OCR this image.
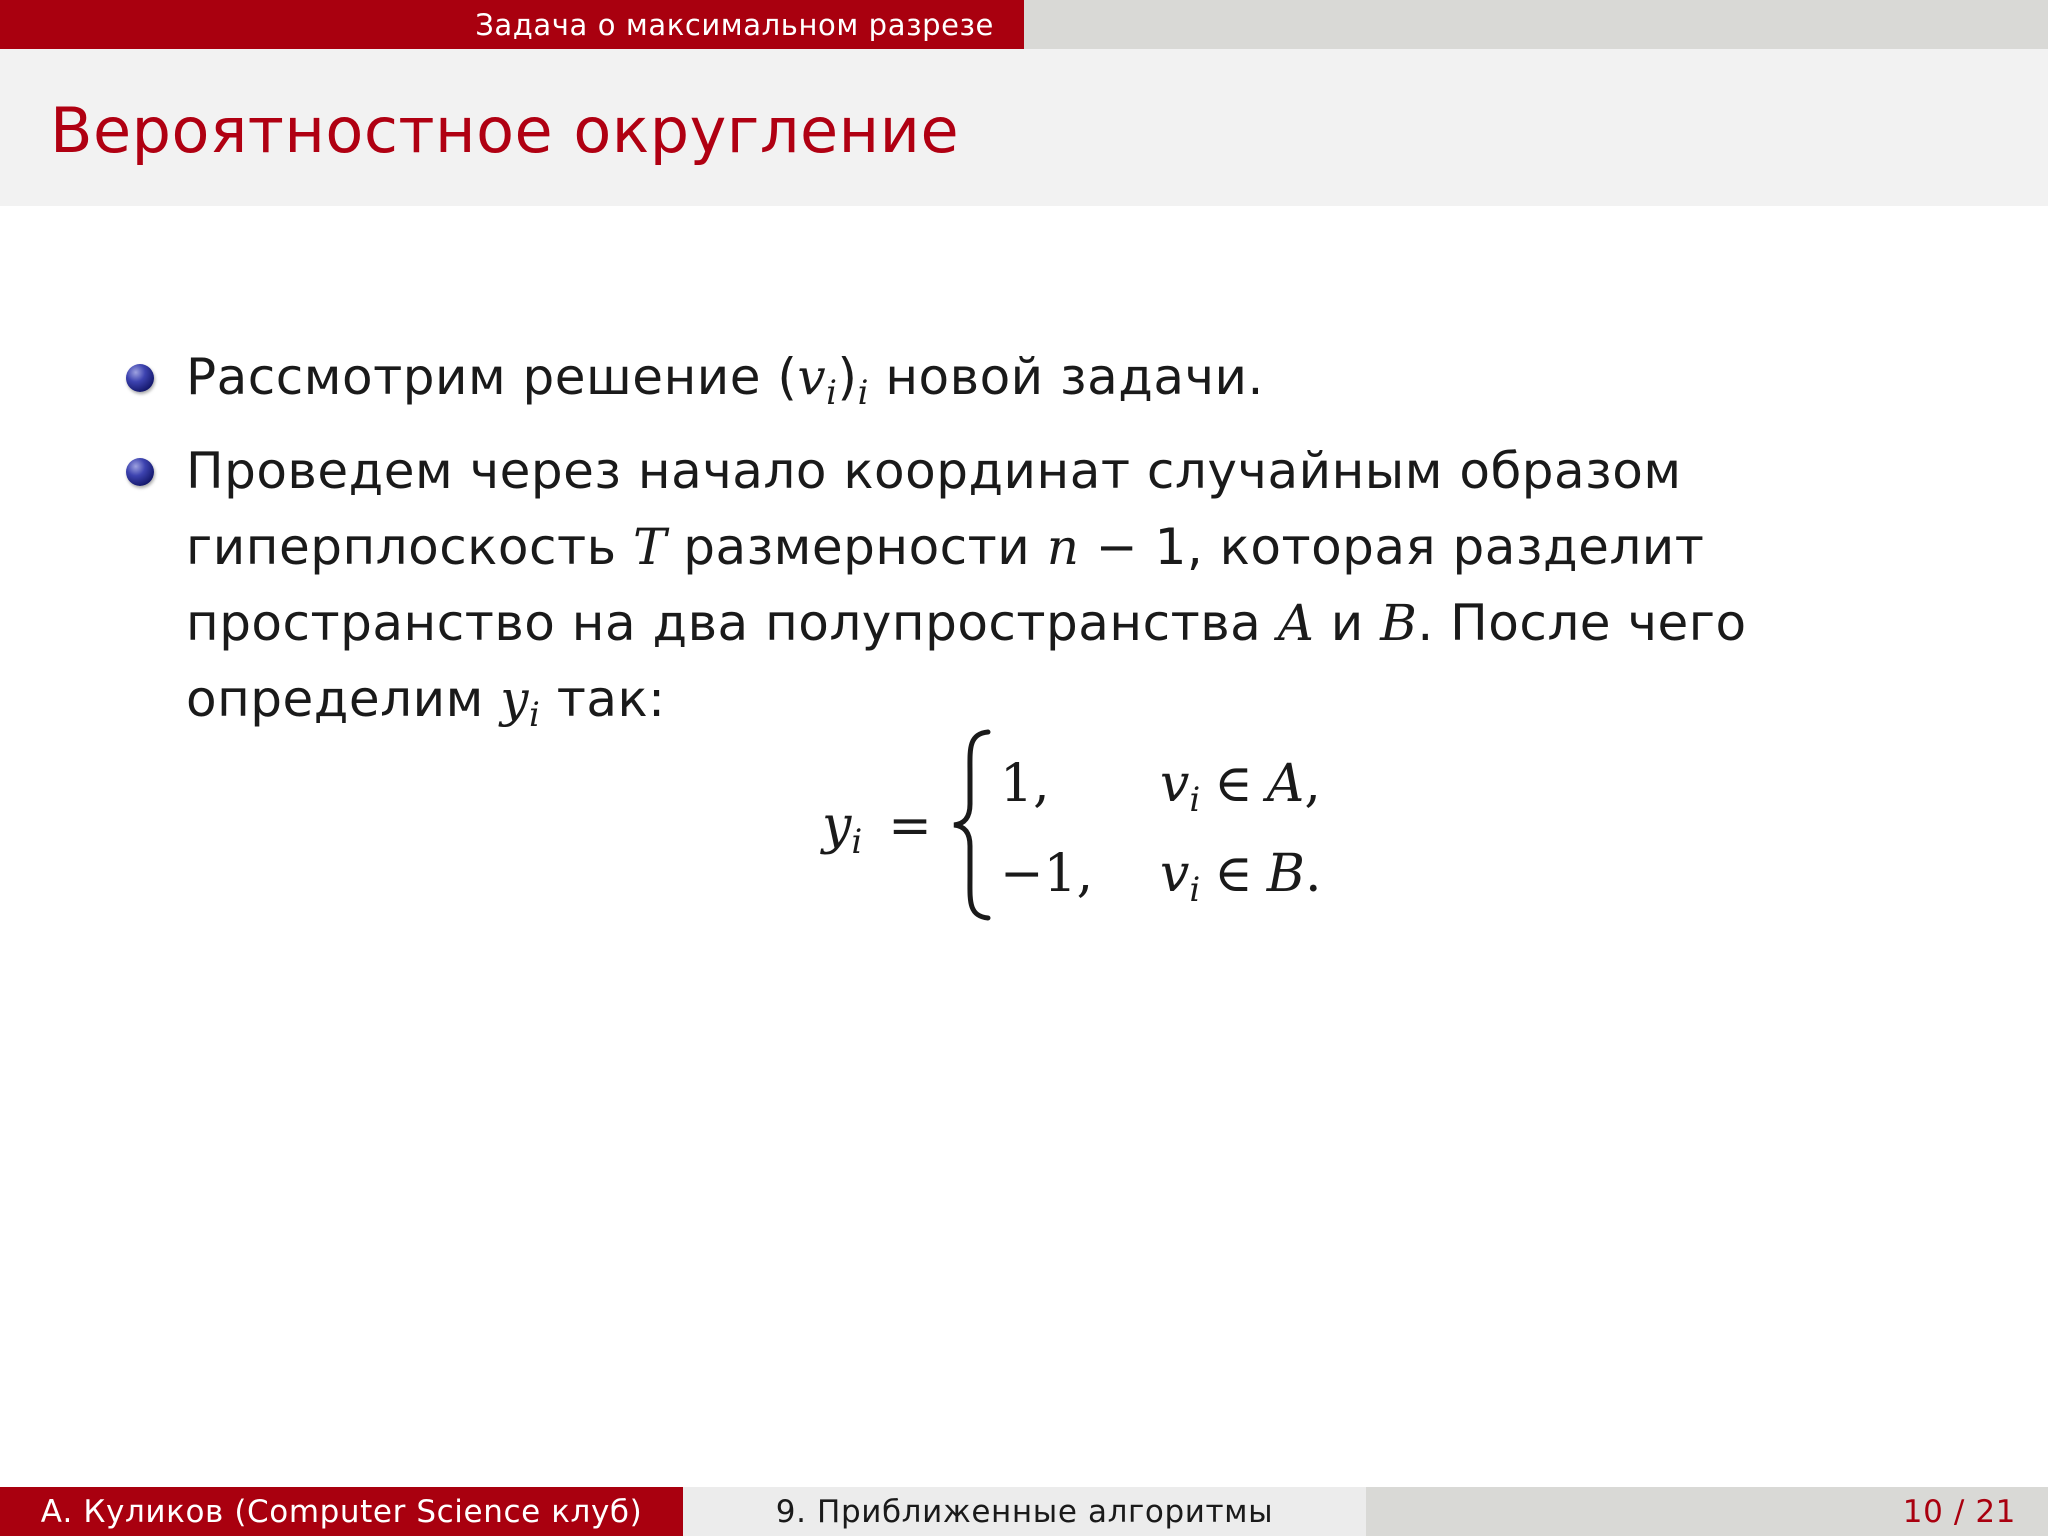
Задача о максимальном разрезе
Вероятностное округление
Рассмотрим решение $(v_i)_i$ новой задачи.
Проведем через начало координат случайным образом
гиперплоскость T размерности n − 1, которая разделит
пространство на два полупространства A и B. После чего
определим $y_i$ так:
$y_i$ =
1, $v_i$ ∈ A,
−1, $v_i$ ∈ B.
А. Куликов (Computer Science клуб)	9. Приближенные алгоритмы	10 / 21
